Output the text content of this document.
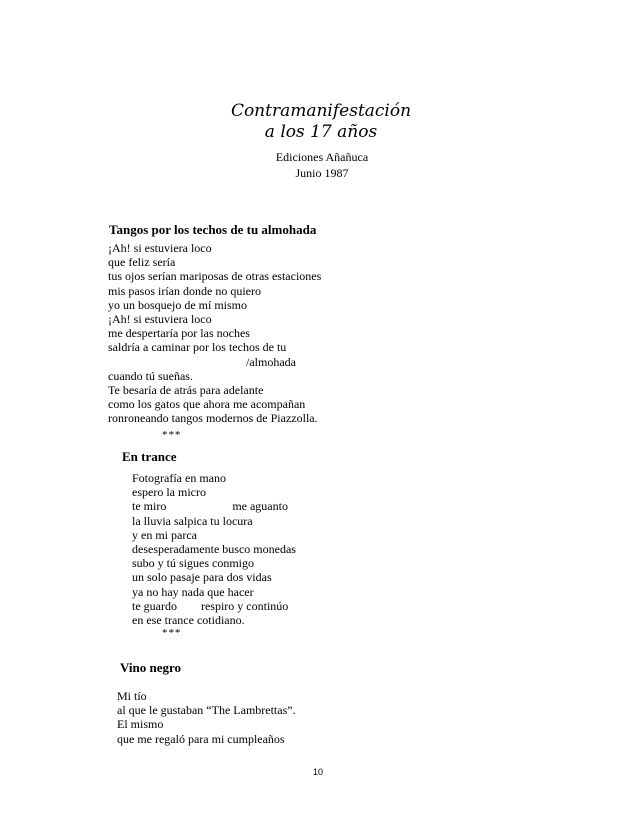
Contramanifestación
a los 17 años
Ediciones Añañuca
Junio 1987
Tangos por los techos de tu almohada
¡Ah! si estuviera loco
que feliz sería
tus ojos serían mariposas de otras estaciones
mis pasos irían donde no quiero
yo un bosquejo de mí mismo
¡Ah! si estuviera loco
me despertaría por las noches
saldría a caminar por los techos de tu
/almohada
cuando tú sueñas.
Te besaría de atrás para adelante
como los gatos que ahora me acompañan
ronroneando tangos modernos de Piazzolla.
***
En trance
Fotografía en mano
espero la micro
te miro                      me aguanto
la lluvia salpica tu locura
y en mi parca
desesperadamente busco monedas
subo y tú sigues conmigo
un solo pasaje para dos vidas
ya no hay nada que hacer
te guardo        respiro y continúo
en ese trance cotidiano.
***
Vino negro
Mi tío
al que le gustaban “The Lambrettas”.
El mismo
que me regaló para mi cumpleaños
10
